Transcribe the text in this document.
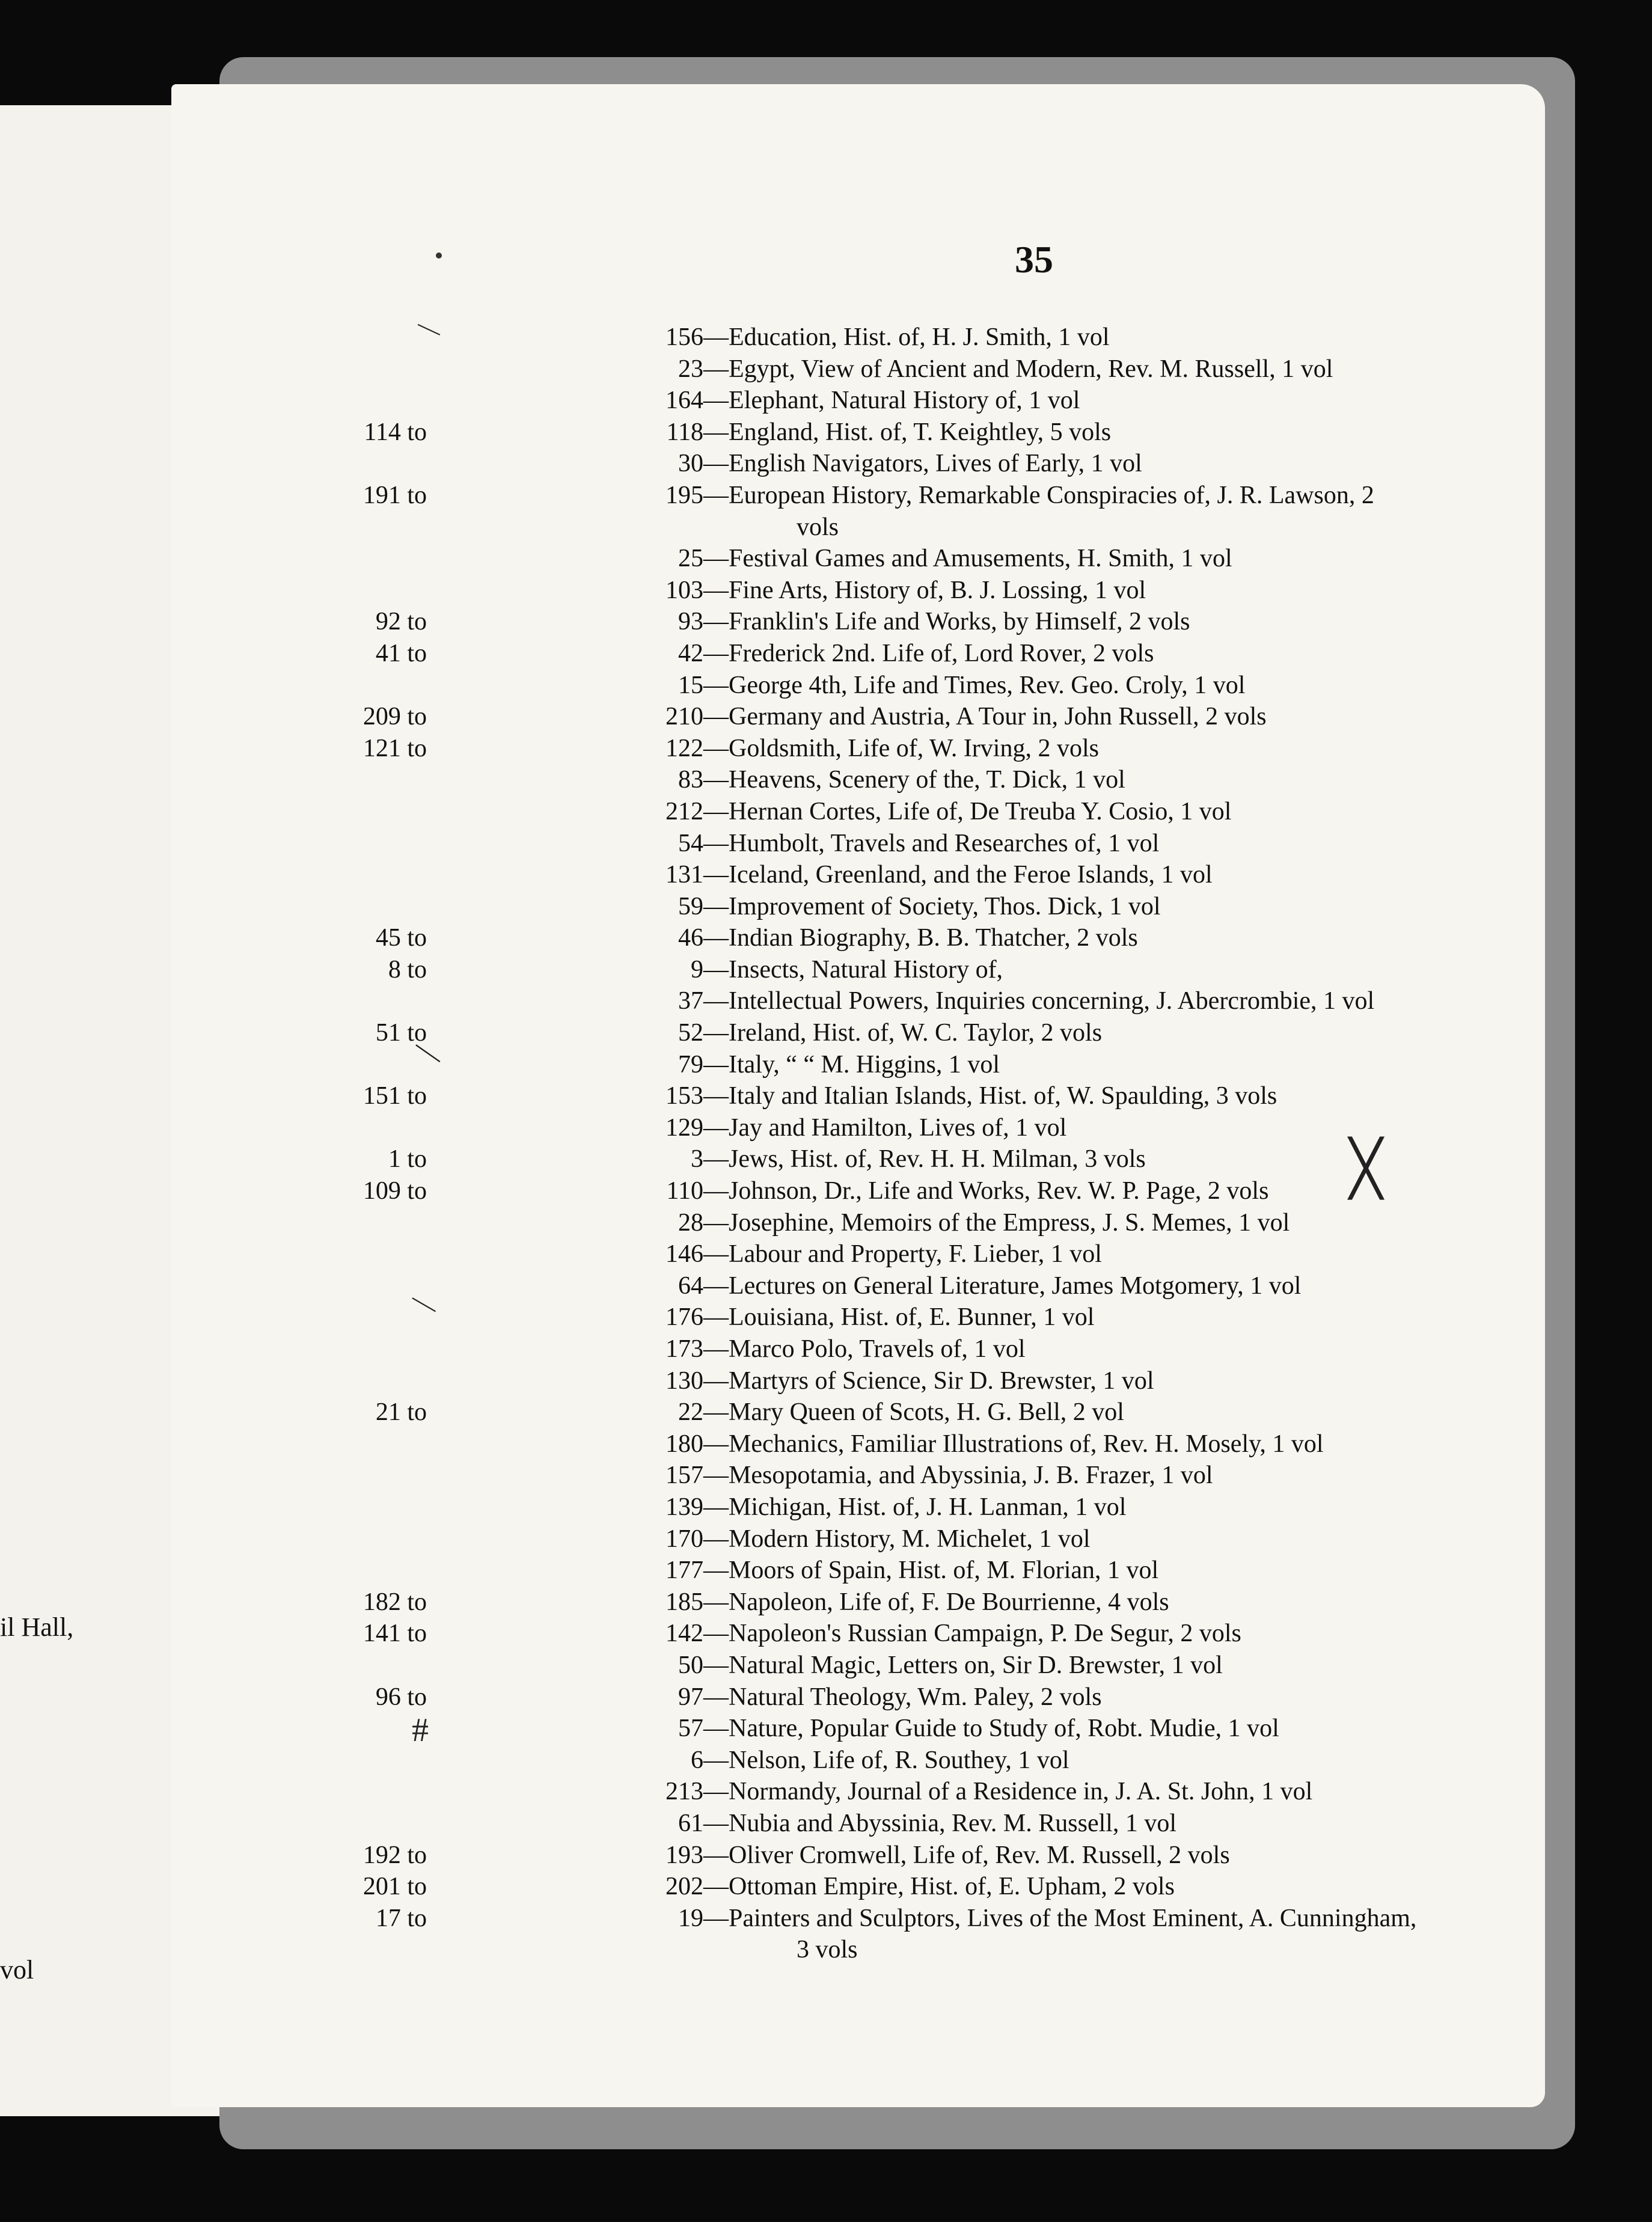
il Hall,
vol
35
156 —Education, Hist. of, H. J. Smith, 1 vol
23 —Egypt, View of Ancient and Modern, Rev. M. Russell, 1 vol
164 —Elephant, Natural History of, 1 vol
114 to	118 —England, Hist. of, T. Keightley, 5 vols
30 —English Navigators, Lives of Early, 1 vol
191 to	195 —European History, Remarkable Conspiracies of, J. R. Lawson, 2
vols
25 —Festival Games and Amusements, H. Smith, 1 vol
103 —Fine Arts, History of, B. J. Lossing, 1 vol
92 to	93 —Franklin's Life and Works, by Himself, 2 vols
41 to	42 —Frederick 2nd. Life of, Lord Rover, 2 vols
15 —George 4th, Life and Times, Rev. Geo. Croly, 1 vol
209 to	210 —Germany and Austria, A Tour in, John Russell, 2 vols
121 to	122 —Goldsmith, Life of, W. Irving, 2 vols
83 —Heavens, Scenery of the, T. Dick, 1 vol
212 —Hernan Cortes, Life of, De Treuba Y. Cosio, 1 vol
54 —Humbolt, Travels and Researches of, 1 vol
131 —Iceland, Greenland, and the Feroe Islands, 1 vol
59 —Improvement of Society, Thos. Dick, 1 vol
45 to	46 —Indian Biography, B. B. Thatcher, 2 vols
8 to	9 —Insects, Natural History of,
37 —Intellectual Powers, Inquiries concerning, J. Abercrombie, 1 vol
51 to	52 —Ireland, Hist. of, W. C. Taylor, 2 vols
79 —Italy, “ “ M. Higgins, 1 vol
151 to	153 —Italy and Italian Islands, Hist. of, W. Spaulding, 3 vols
129 —Jay and Hamilton, Lives of, 1 vol
1 to	3 —Jews, Hist. of, Rev. H. H. Milman, 3 vols
109 to	110 —Johnson, Dr., Life and Works, Rev. W. P. Page, 2 vols
28 —Josephine, Memoirs of the Empress, J. S. Memes, 1 vol
146 —Labour and Property, F. Lieber, 1 vol
64 —Lectures on General Literature, James Motgomery, 1 vol
176 —Louisiana, Hist. of, E. Bunner, 1 vol
173 —Marco Polo, Travels of, 1 vol
130 —Martyrs of Science, Sir D. Brewster, 1 vol
21 to	22 —Mary Queen of Scots, H. G. Bell, 2 vol
180 —Mechanics, Familiar Illustrations of, Rev. H. Mosely, 1 vol
157 —Mesopotamia, and Abyssinia, J. B. Frazer, 1 vol
139 —Michigan, Hist. of, J. H. Lanman, 1 vol
170 —Modern History, M. Michelet, 1 vol
177 —Moors of Spain, Hist. of, M. Florian, 1 vol
182 to	185 —Napoleon, Life of, F. De Bourrienne, 4 vols
141 to	142 —Napoleon's Russian Campaign, P. De Segur, 2 vols
50 —Natural Magic, Letters on, Sir D. Brewster, 1 vol
96 to	97 —Natural Theology, Wm. Paley, 2 vols
57 —Nature, Popular Guide to Study of, Robt. Mudie, 1 vol
6 —Nelson, Life of, R. Southey, 1 vol
213 —Normandy, Journal of a Residence in, J. A. St. John, 1 vol
61 —Nubia and Abyssinia, Rev. M. Russell, 1 vol
192 to	193 —Oliver Cromwell, Life of, Rev. M. Russell, 2 vols
201 to	202 —Ottoman Empire, Hist. of, E. Upham, 2 vols
17 to	19 —Painters and Sculptors, Lives of the Most Eminent, A. Cunningham,
3 vols
╳
#
—
—
—
